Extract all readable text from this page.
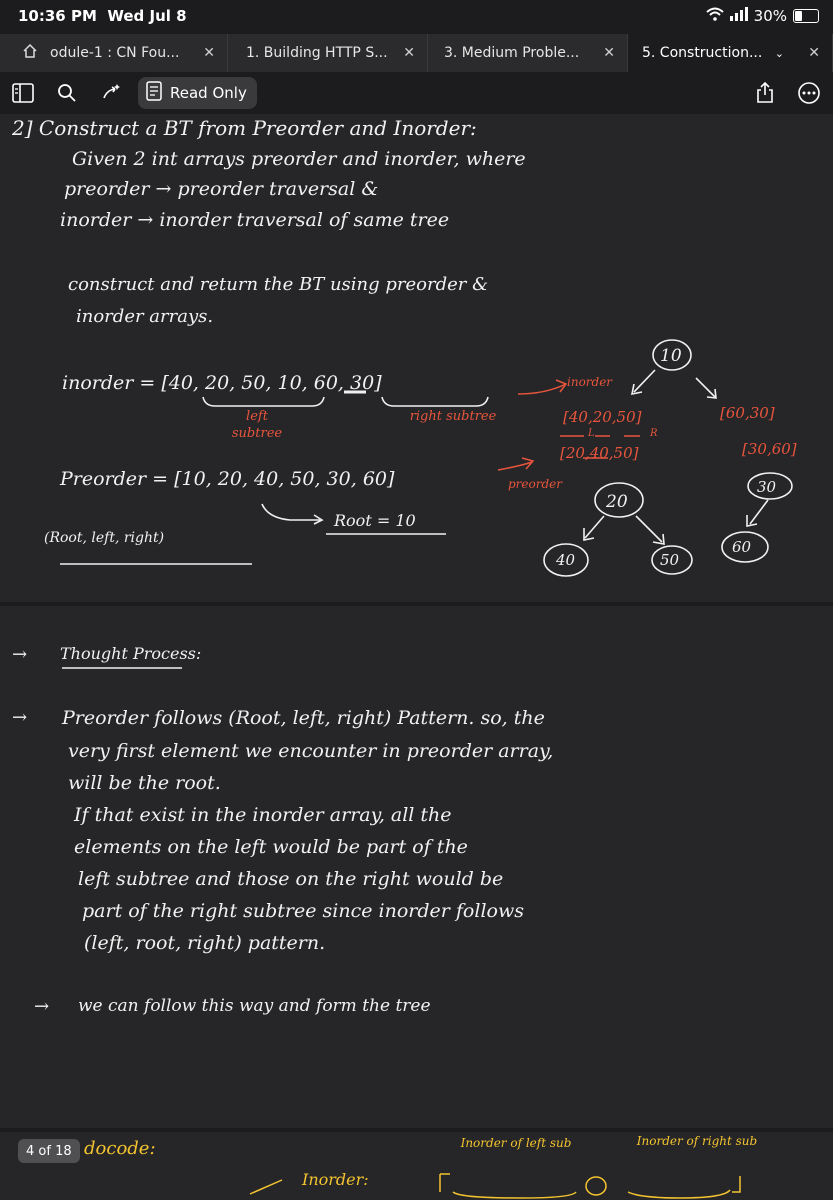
10:36 PM Wed Jul 8	30%
odule-1 : CN Fou... ✕ 1. Building HTTP S... ✕ 3. Medium Proble... ✕ 5. Construction... ⌄ ✕
Read Only
2] Construct a BT from Preorder and Inorder:
Given 2 int arrays preorder and inorder, where
preorder → preorder traversal &
inorder → inorder traversal of same tree
construct and return the BT using preorder &
inorder arrays.
inorder = [40, 20, 50, 10, 60, 30]
left subtree
right subtree
Preorder = [10, 20, 40, 50, 30, 60]
Root = 10
(Root, left, right)
inorder
preorder
[40,20,50]
L	R
[20,40,50]
[60,30]
[30,60]
10
20
30
40	50
60
→ Thought Process:
→ Preorder follows (Root, left, right) Pattern. so, the
very first element we encounter in preorder array,
will be the root.
If that exist in the inorder array, all the
elements on the left would be part of the
left subtree and those on the right would be
part of the right subtree since inorder follows
(left, root, right) pattern.
→ we can follow this way and form the tree
docode:	Inorder of left sub	Inorder of right sub
Inorder:
4 of 18
